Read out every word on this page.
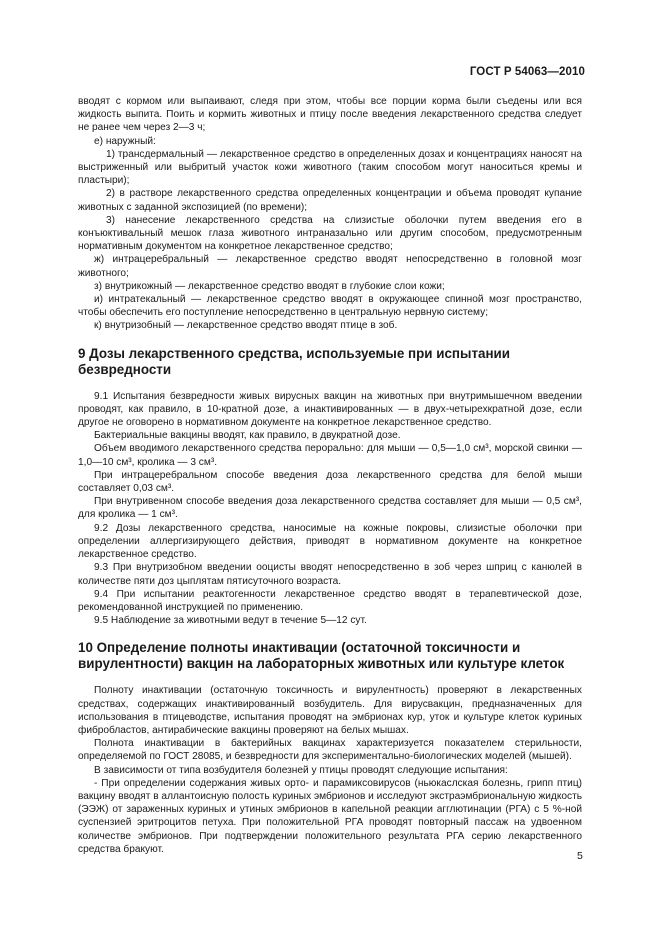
ГОСТ Р 54063—2010

вводят с кормом или выпаивают, следя при этом, чтобы все порции корма были съедены или вся жидкость выпита. Поить и кормить животных и птицу после введения лекарственного средства следует не ранее чем через 2—3 ч;

е) наружный:

1) трансдермальный — лекарственное средство в определенных дозах и концентрациях наносят на выстриженный или выбритый участок кожи животного (таким способом могут наноситься кремы и пластыри);

2) в растворе лекарственного средства определенных концентрации и объема проводят купание животных с заданной экспозицией (по времени);

3) нанесение лекарственного средства на слизистые оболочки путем введения его в конъюктивальный мешок глаза животного интраназально или другим способом, предусмотренным нормативным документом на конкретное лекарственное средство;

ж) интрацеребральный — лекарственное средство вводят непосредственно в головной мозг животного;

з) внутрикожный — лекарственное средство вводят в глубокие слои кожи;

и) интратекальный — лекарственное средство вводят в окружающее спинной мозг пространство, чтобы обеспечить его поступление непосредственно в центральную нервную систему;

к) внутризобный — лекарственное средство вводят птице в зоб.

9 Дозы лекарственного средства, используемые при испытании безвредности

9.1 Испытания безвредности живых вирусных вакцин на животных при внутримышечном введении проводят, как правило, в 10-кратной дозе, а инактивированных — в двух-четырехкратной дозе, если другое не оговорено в нормативном документе на конкретное лекарственное средство.

Бактериальные вакцины вводят, как правило, в двукратной дозе.

Объем вводимого лекарственного средства перорально: для мыши — 0,5—1,0 см³, морской свинки — 1,0—10 см³, кролика — 3 см³.

При интрацеребральном способе введения доза лекарственного средства для белой мыши составляет 0,03 см³.

При внутривенном способе введения доза лекарственного средства составляет для мыши — 0,5 см³, для кролика — 1 см³.

9.2 Дозы лекарственного средства, наносимые на кожные покровы, слизистые оболочки при определении аллергизирующего действия, приводят в нормативном документе на конкретное лекарственное средство.

9.3 При внутризобном введении ооцисты вводят непосредственно в зоб через шприц с канюлей в количестве пяти доз цыплятам пятисуточного возраста.

9.4 При испытании реактогенности лекарственное средство вводят в терапевтической дозе, рекомендованной инструкцией по применению.

9.5 Наблюдение за животными ведут в течение 5—12 сут.

10 Определение полноты инактивации (остаточной токсичности и вирулентности) вакцин на лабораторных животных или культуре клеток

Полноту инактивации (остаточную токсичность и вирулентность) проверяют в лекарственных средствах, содержащих инактивированный возбудитель. Для вирусвакцин, предназначенных для использования в птицеводстве, испытания проводят на эмбрионах кур, уток и культуре клеток куриных фибробластов, антирабические вакцины проверяют на белых мышах.

Полнота инактивации в бактерийных вакцинах характеризуется показателем стерильности, определяемой по ГОСТ 28085, и безвредности для экспериментально-биологических моделей (мышей).

В зависимости от типа возбудителя болезней у птицы проводят следующие испытания:

- При определении содержания живых орто- и парамиксовирусов (ньюкаслская болезнь, грипп птиц) вакцину вводят в аллантоисную полость куриных эмбрионов и исследуют экстраэмбриональную жидкость (ЭЭЖ) от зараженных куриных и утиных эмбрионов в капельной реакции агглютинации (РГА) с 5 %-ной суспензией эритроцитов петуха. При положительной РГА проводят повторный пассаж на удвоенном количестве эмбрионов. При подтверждении положительного результата РГА серию лекарственного средства бракуют.

5
